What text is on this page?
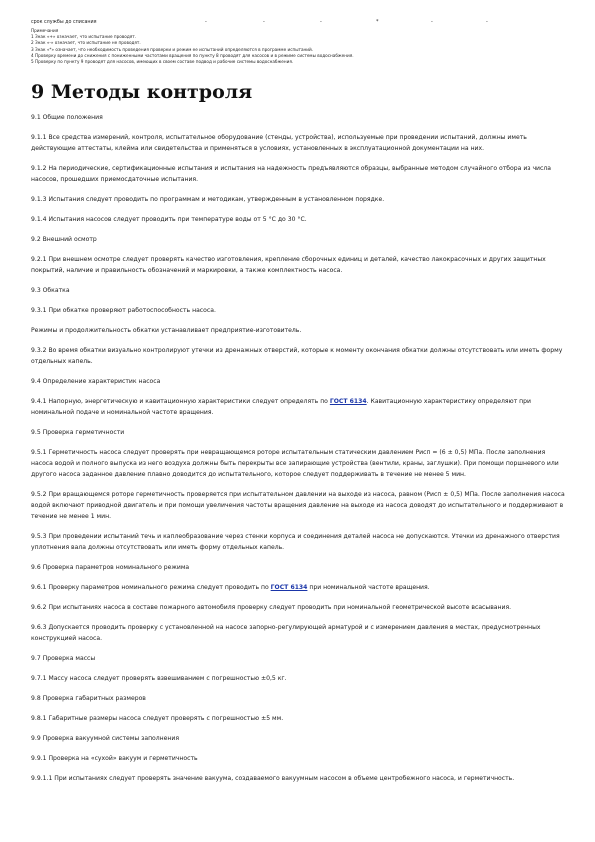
срок службы до списания	-	-	-	*	-	-
Примечания
1 Знак «+» означает, что испытание проводят.
2 Знак «-» означает, что испытание не проводят.
3 Знак «*» означает, что необходимость проведения проверки и режим ее испытаний определяются в программе испытаний.
4 Проверку времени до снижения с пониженными частотами вращения по пункту 8 проводят для насосов и в режиме системы водоснабжения.
5 Проверку по пункту 9 проводят для насосов, имеющих в своем составе подвод и рабочие системы водоснабжения.
9 Методы контроля

9.1 Общие положения

9.1.1 Все средства измерений, контроля, испытательное оборудование (стенды, устройства), используемые при проведении испытаний, должны иметь действующие аттестаты, клейма или свидетельства и применяться в условиях, установленных в эксплуатационной документации на них.

9.1.2 На периодические, сертификационные испытания и испытания на надежность предъявляются образцы, выбранные методом случайного отбора из числа насосов, прошедших приемосдаточные испытания.

9.1.3 Испытания следует проводить по программам и методикам, утвержденным в установленном порядке.

9.1.4 Испытания насосов следует проводить при температуре воды от 5 °С до 30 °С.

9.2 Внешний осмотр

9.2.1 При внешнем осмотре следует проверять качество изготовления, крепление сборочных единиц и деталей, качество лакокрасочных и других защитных покрытий, наличие и правильность обозначений и маркировки, а также комплектность насоса.

9.3 Обкатка

9.3.1 При обкатке проверяют работоспособность насоса.

Режимы и продолжительность обкатки устанавливает предприятие-изготовитель.

9.3.2 Во время обкатки визуально контролируют утечки из дренажных отверстий, которые к моменту окончания обкатки должны отсутствовать или иметь форму отдельных капель.

9.4 Определение характеристик насоса

9.4.1 Напорную, энергетическую и кавитационную характеристики следует определять по ГОСТ 6134. Кавитационную характеристику определяют при номинальной подаче и номинальной частоте вращения.

9.5 Проверка герметичности

9.5.1 Герметичность насоса следует проверять при невращающемся роторе испытательным статическим давлением Pисп = (6 ± 0,5) МПа. После заполнения насоса водой и полного выпуска из него воздуха должны быть перекрыты все запирающие устройства (вентили, краны, заглушки). При помощи поршневого или другого насоса заданное давление плавно доводится до испытательного, которое следует поддерживать в течение не менее 5 мин.

9.5.2 При вращающемся роторе герметичность проверяется при испытательном давлении на выходе из насоса, равном (Pисп ± 0,5) МПа. После заполнения насоса водой включают приводной двигатель и при помощи увеличения частоты вращения давление на выходе из насоса доводят до испытательного и поддерживают в течение не менее 1 мин.

9.5.3 При проведении испытаний течь и каплеобразование через стенки корпуса и соединения деталей насоса не допускаются. Утечки из дренажного отверстия уплотнения вала должны отсутствовать или иметь форму отдельных капель.

9.6 Проверка параметров номинального режима

9.6.1 Проверку параметров номинального режима следует проводить по ГОСТ 6134 при номинальной частоте вращения.

9.6.2 При испытаниях насоса в составе пожарного автомобиля проверку следует проводить при номинальной геометрической высоте всасывания.

9.6.3 Допускается проводить проверку с установленной на насосе запорно-регулирующей арматурой и с измерением давления в местах, предусмотренных конструкцией насоса.

9.7 Проверка массы

9.7.1 Массу насоса следует проверять взвешиванием с погрешностью ±0,5 кг.

9.8 Проверка габаритных размеров

9.8.1 Габаритные размеры насоса следует проверять с погрешностью ±5 мм.

9.9 Проверка вакуумной системы заполнения

9.9.1 Проверка на «сухой» вакуум и герметичность

9.9.1.1 При испытаниях следует проверять значение вакуума, создаваемого вакуумным насосом в объеме центробежного насоса, и герметичность.
